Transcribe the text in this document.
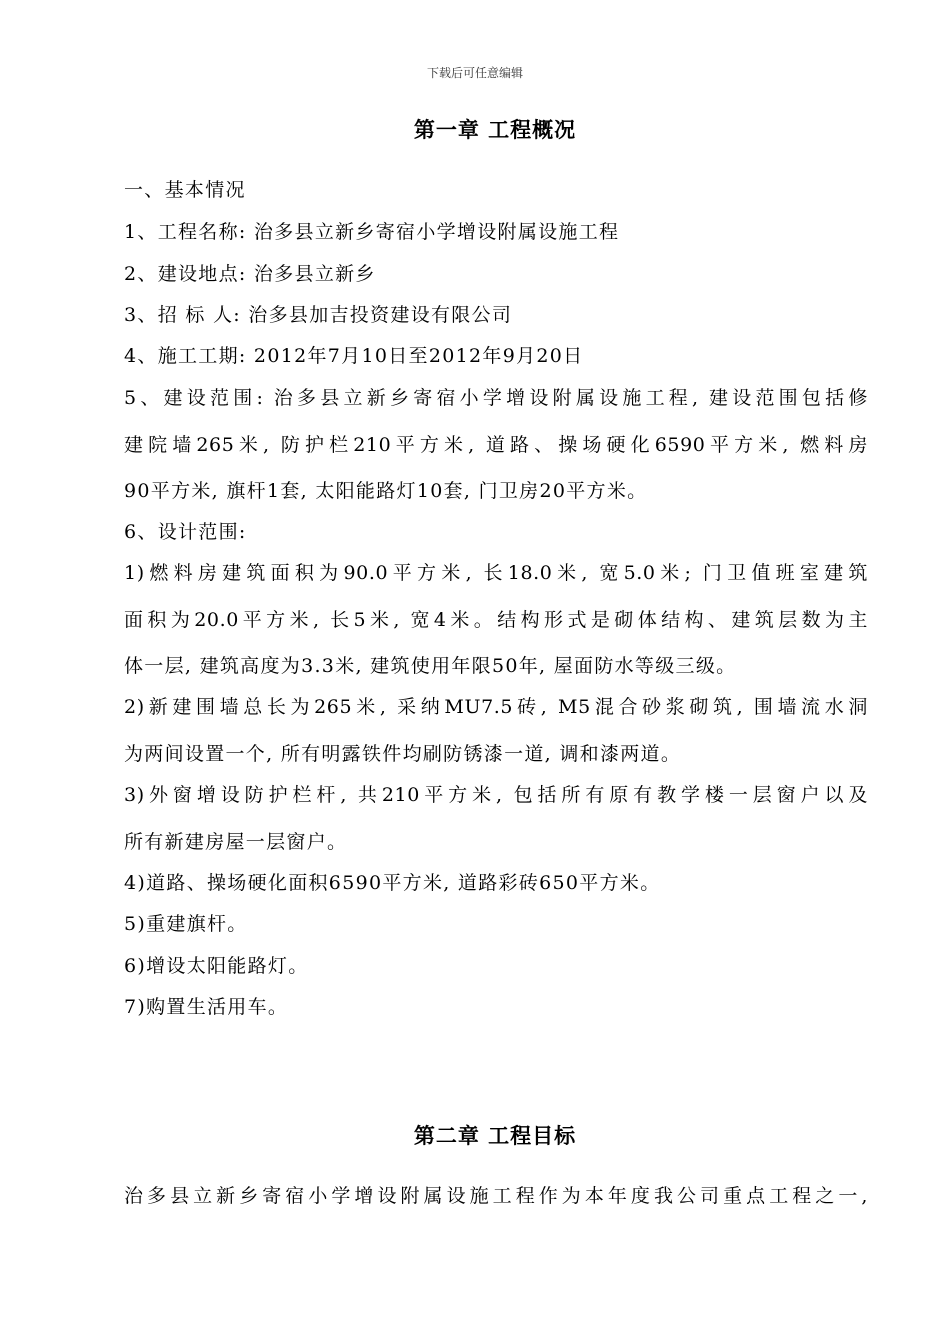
下载后可任意编辑
第一章 工程概况
一、基本情况
1、工程名称: 治多县立新乡寄宿小学增设附属设施工程
2、建设地点: 治多县立新乡
3、招 标 人: 治多县加吉投资建设有限公司
4、施工工期: 2012年7月10日至2012年9月20日
5、建设范围: 治多县立新乡寄宿小学增设附属设施工程, 建设范围包括修
建院墙265米, 防护栏210平方米, 道路、操场硬化6590平方米, 燃料房
90平方米, 旗杆1套, 太阳能路灯10套, 门卫房20平方米。
6、设计范围:
1)燃料房建筑面积为90.0平方米, 长18.0米, 宽5.0米; 门卫值班室建筑
面积为20.0平方米, 长5米, 宽4米。结构形式是砌体结构、建筑层数为主
体一层, 建筑高度为3.3米, 建筑使用年限50年, 屋面防水等级三级。
2)新建围墙总长为265米, 采纳MU7.5砖, M5混合砂浆砌筑, 围墙流水洞
为两间设置一个, 所有明露铁件均刷防锈漆一道, 调和漆两道。
3)外窗增设防护栏杆, 共210平方米, 包括所有原有教学楼一层窗户以及
所有新建房屋一层窗户。
4)道路、操场硬化面积6590平方米, 道路彩砖650平方米。
5)重建旗杆。
6)增设太阳能路灯。
7)购置生活用车。
第二章 工程目标
治多县立新乡寄宿小学增设附属设施工程作为本年度我公司重点工程之一,
